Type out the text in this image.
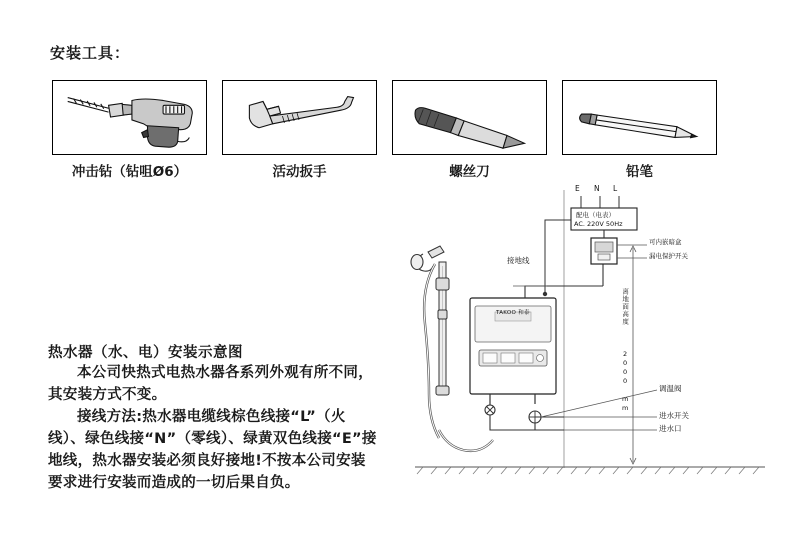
安装工具：
冲击钻（钻咀Ø6）	活动扳手	螺丝刀	铅笔
热水器（水、电）安装示意图

本公司快热式电热水器各系列外观有所不同，其安装方式不变。

接线方法:热水器电缆线棕色线接“L”（火线）、绿色线接“N”（零线）、绿黄双色线接“E”接地线，热水器安装必须良好接地!不按本公司安装要求进行安装而造成的一切后果自负。

E N L
配电（电表）
AC. 220V 50Hz
接地线
可内嵌暗盒
漏电保护开关
离地面高度
2000 mm	调温阀
进水开关
进水口
TAKOO 和泰
